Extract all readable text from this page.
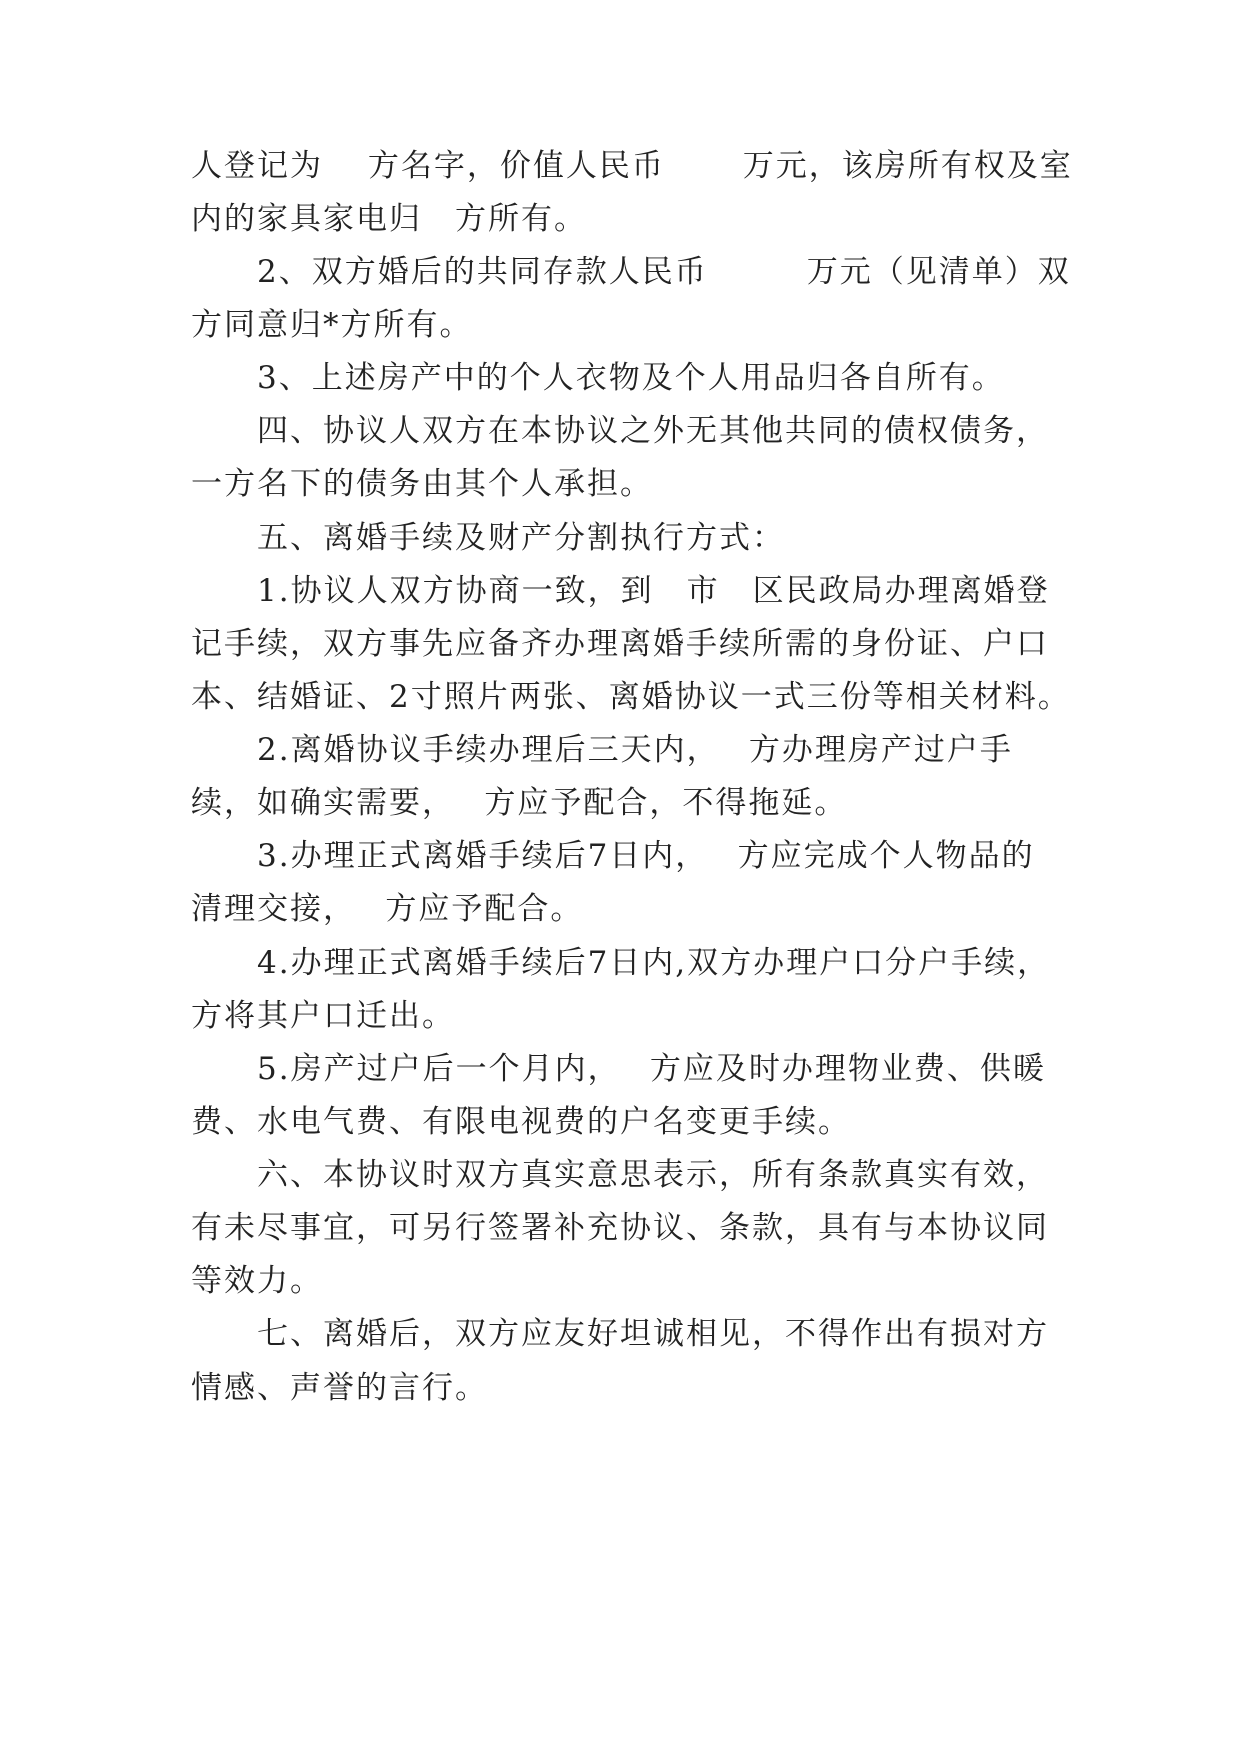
人登记为　 方名字，价值人民币　　 万元，该房所有权及室

内的家具家电归　方所有。

　　2、双方婚后的共同存款人民币　　　万元（见清单）双

方同意归*方所有。

　　3、上述房产中的个人衣物及个人用品归各自所有。

　　四、协议人双方在本协议之外无其他共同的债权债务，

一方名下的债务由其个人承担。

　　五、离婚手续及财产分割执行方式：

　　1.协议人双方协商一致，到　市　区民政局办理离婚登

记手续，双方事先应备齐办理离婚手续所需的身份证、户口

本、结婚证、2寸照片两张、离婚协议一式三份等相关材料。

　　2.离婚协议手续办理后三天内，　 方办理房产过户手

续，如确实需要，　 方应予配合，不得拖延。

　　3.办理正式离婚手续后7日内，　 方应完成个人物品的

清理交接，　 方应予配合。

　　4.办理正式离婚手续后7日内,双方办理户口分户手续，

方将其户口迁出。

　　5.房产过户后一个月内，　 方应及时办理物业费、供暖

费、水电气费、有限电视费的户名变更手续。

　　六、本协议时双方真实意思表示，所有条款真实有效，

有未尽事宜，可另行签署补充协议、条款，具有与本协议同

等效力。

　　七、离婚后，双方应友好坦诚相见，不得作出有损对方

情感、声誉的言行。
